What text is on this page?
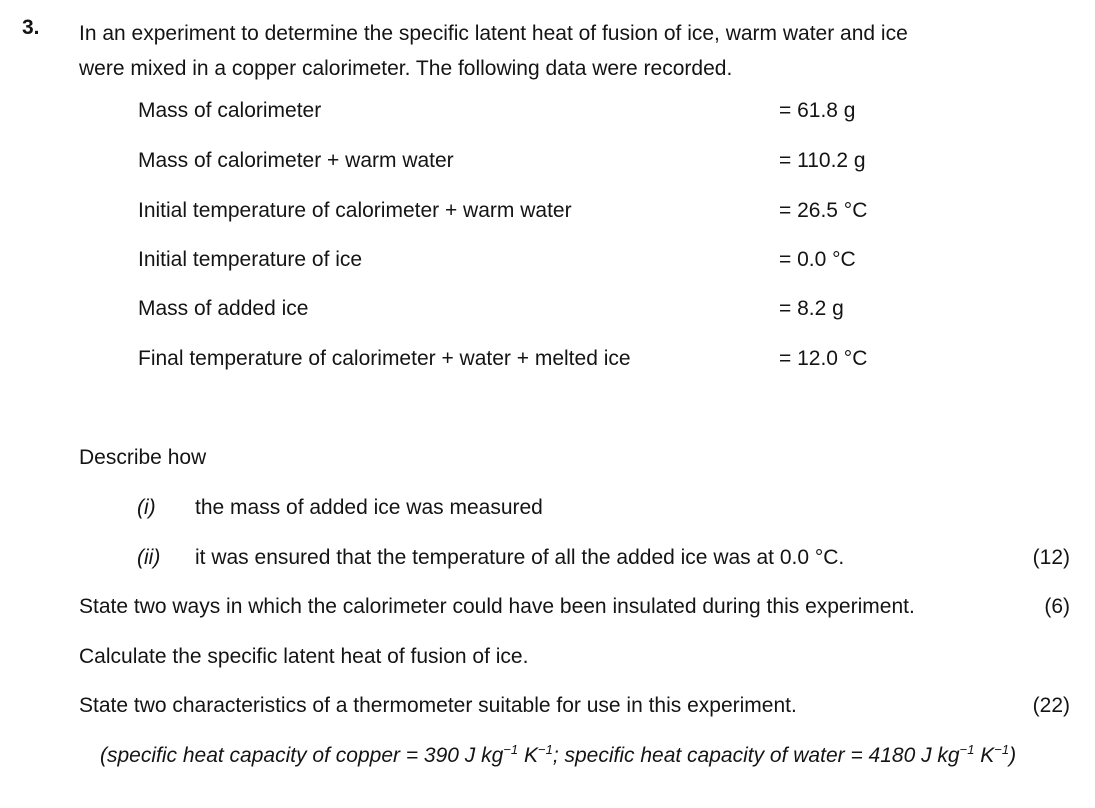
3. In an experiment to determine the specific latent heat of fusion of ice, warm water and ice
were mixed in a copper calorimeter. The following data were recorded.
Mass of calorimeter	= 61.8 g
Mass of calorimeter + warm water	= 110.2 g
Initial temperature of calorimeter + warm water	= 26.5 °C
Initial temperature of ice	= 0.0 °C
Mass of added ice	= 8.2 g
Final temperature of calorimeter + water + melted ice	= 12.0 °C
Describe how
(i) the mass of added ice was measured
(ii) it was ensured that the temperature of all the added ice was at 0.0 °C.	(12)
State two ways in which the calorimeter could have been insulated during this experiment.	(6)
Calculate the specific latent heat of fusion of ice.
State two characteristics of a thermometer suitable for use in this experiment.	(22)
(specific heat capacity of copper = 390 J $kg^{-1}$ $K^{-1}$; specific heat capacity of water = 4180 J $kg^{-1}$ $K^{-1}$)
